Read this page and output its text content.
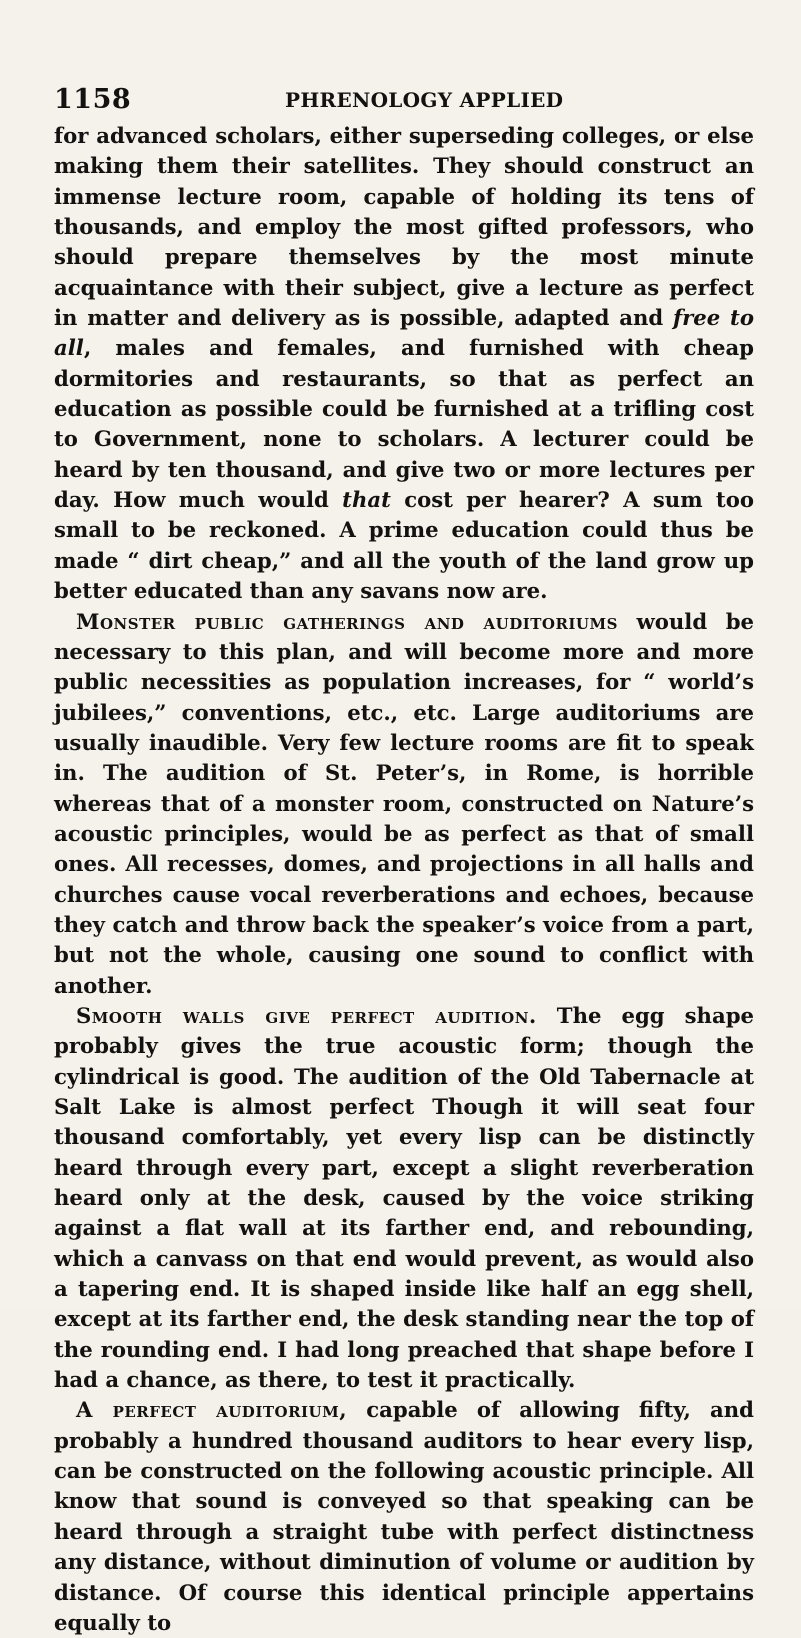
1158	PHRENOLOGY APPLIED

for advanced scholars, either superseding colleges, or else making them their satellites. They should construct an immense lecture room, capable of holding its tens of thousands, and employ the most gifted professors, who should prepare themselves by the most minute acquaintance with their subject, give a lecture as perfect in matter and delivery as is possible, adapted and free to all, males and females, and furnished with cheap dormitories and restaurants, so that as perfect an education as possible could be furnished at a trifling cost to Government, none to scholars. A lecturer could be heard by ten thousand, and give two or more lectures per day. How much would that cost per hearer? A sum too small to be reckoned. A prime education could thus be made “ dirt cheap,” and all the youth of the land grow up better educated than any savans now are.

Monster public gatherings and auditoriums would be necessary to this plan, and will become more and more public necessities as population increases, for “ world’s jubilees,” conventions, etc., etc. Large auditoriums are usually inaudible. Very few lecture rooms are fit to speak in. The audition of St. Peter’s, in Rome, is horrible whereas that of a monster room, constructed on Nature’s acoustic principles, would be as perfect as that of small ones. All recesses, domes, and projections in all halls and churches cause vocal reverberations and echoes, because they catch and throw back the speaker’s voice from a part, but not the whole, causing one sound to conflict with another.

Smooth walls give perfect audition. The egg shape probably gives the true acoustic form; though the cylindrical is good. The audition of the Old Tabernacle at Salt Lake is almost perfect Though it will seat four thousand comfortably, yet every lisp can be distinctly heard through every part, except a slight reverberation heard only at the desk, caused by the voice striking against a flat wall at its farther end, and rebounding, which a canvass on that end would prevent, as would also a tapering end. It is shaped inside like half an egg shell, except at its farther end, the desk standing near the top of the rounding end. I had long preached that shape before I had a chance, as there, to test it practically.

A perfect auditorium, capable of allowing fifty, and probably a hundred thousand auditors to hear every lisp, can be constructed on the following acoustic principle. All know that sound is conveyed so that speaking can be heard through a straight tube with perfect distinctness any distance, without diminution of volume or audition by distance. Of course this identical principle appertains equally to
